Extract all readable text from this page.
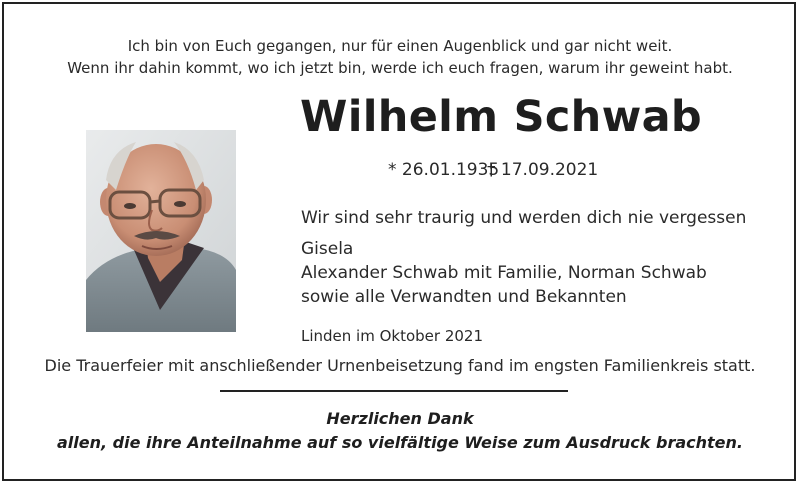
Ich bin von Euch gegangen, nur für einen Augenblick und gar nicht weit.
Wenn ihr dahin kommt, wo ich jetzt bin, werde ich euch fragen, warum ihr geweint habt.
Wilhelm Schwab
* 26.01.1935
† 17.09.2021
Wir sind sehr traurig und werden dich nie vergessen
Gisela
Alexander Schwab mit Familie, Norman Schwab
sowie alle Verwandten und Bekannten
Linden im Oktober 2021
Die Trauerfeier mit anschließender Urnenbeisetzung fand im engsten Familienkreis statt.
Herzlichen Dank
allen, die ihre Anteilnahme auf so vielfältige Weise zum Ausdruck brachten.
